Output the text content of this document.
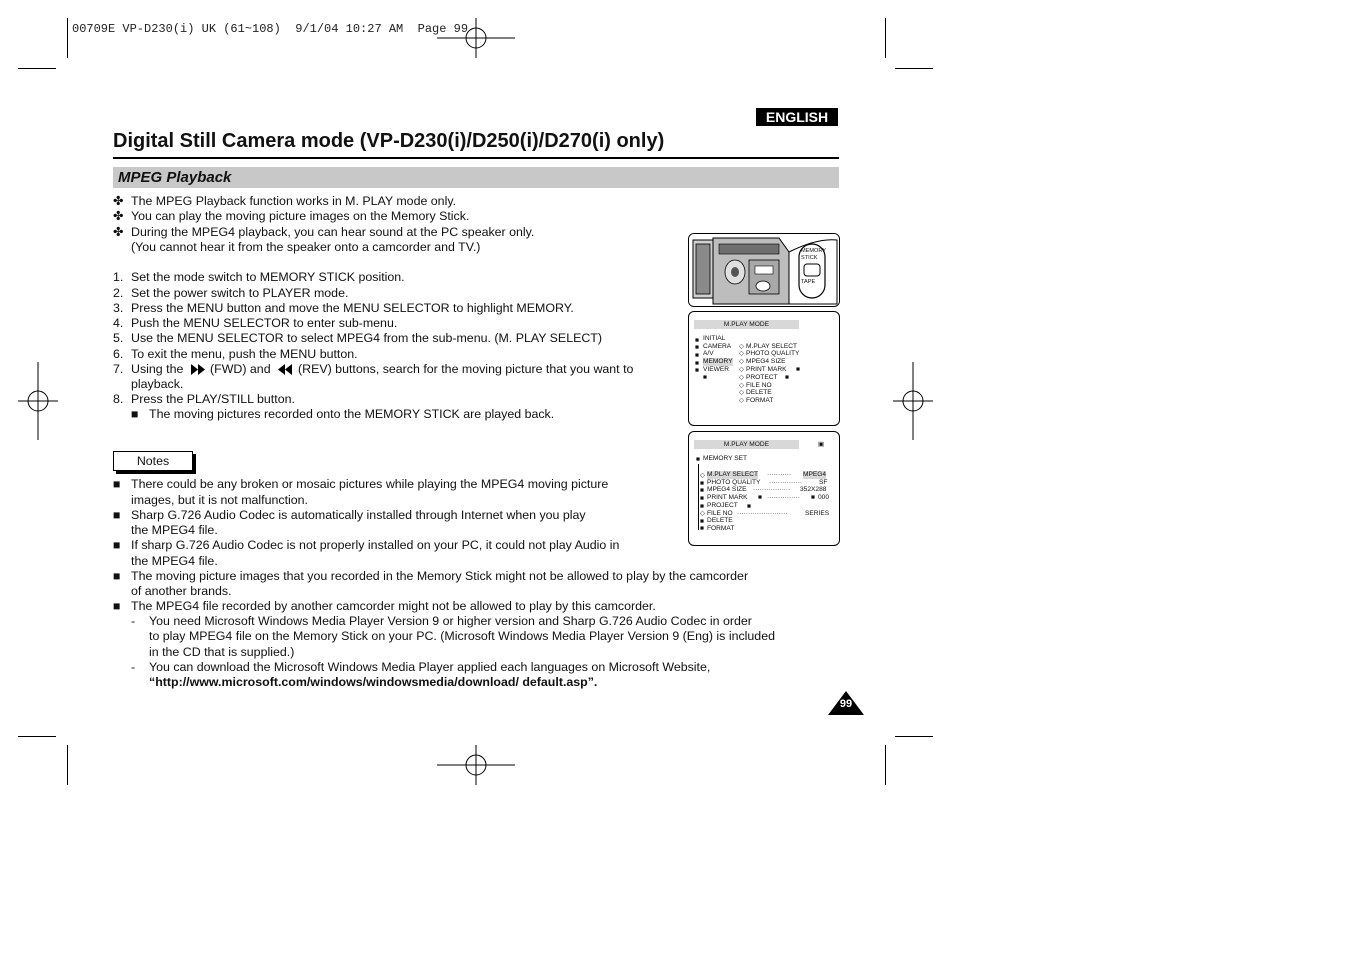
00709E VP-D230(i) UK (61~108)  9/1/04 10:27 AM  Page 99
ENGLISH
Digital Still Camera mode (VP-D230(i)/D250(i)/D270(i) only)
MPEG Playback
✤ The MPEG Playback function works in M. PLAY mode only.
✤ You can play the moving picture images on the Memory Stick.
✤ During the MPEG4 playback, you can hear sound at the PC speaker only.
(You cannot hear it from the speaker onto a camcorder and TV.)
1. Set the mode switch to MEMORY STICK position.
2. Set the power switch to PLAYER mode.
3. Press the MENU button and move the MENU SELECTOR to highlight MEMORY.
4. Push the MENU SELECTOR to enter sub-menu.
5. Use the MENU SELECTOR to select MPEG4 from the sub-menu. (M. PLAY SELECT)
6. To exit the menu, push the MENU button.
7. Using the (FWD) and (REV) buttons, search for the moving picture that you want to
playback.
8. Press the PLAY/STILL button.
■ The moving pictures recorded onto the MEMORY STICK are played back.
Notes
■ There could be any broken or mosaic pictures while playing the MPEG4 moving picture
images, but it is not malfunction.
■ Sharp G.726 Audio Codec is automatically installed through Internet when you play
the MPEG4 file.
■ If sharp G.726 Audio Codec is not properly installed on your PC, it could not play Audio in
the MPEG4 file.
■ The moving picture images that you recorded in the Memory Stick might not be allowed to play by the camcorder
of another brands.
■ The MPEG4 file recorded by another camcorder might not be allowed to play by this camcorder.
- You need Microsoft Windows Media Player Version 9 or higher version and Sharp G.726 Audio Codec in order
to play MPEG4 file on the Memory Stick on your PC. (Microsoft Windows Media Player Version 9 (Eng) is included
in the CD that is supplied.)
- You can download the Microsoft Windows Media Player applied each languages on Microsoft Website,
“http://www.microsoft.com/windows/windowsmedia/download/ default.asp”.
99
MEMORY
STICK
TAPE
M.PLAY MODE
■ INITIAL
■ CAMERA
■ A/V
■ MEMORY
■ VIEWER
■
◇ M.PLAY SELECT
◇ PHOTO QUALITY
◇ MPEG4 SIZE
◇ PRINT MARK ■
◇ PROTECT ■
◇ FILE NO
◇ DELETE
◇ FORMAT
M.PLAY MODE	▣
■ MEMORY SET
◇ M.PLAY SELECT ··········· MPEG4
■ PHOTO QUALITY ···············	SF
■ MPEG4 SIZE ················· 352X288
■ PRINT MARK ■ ··············· ■ 000
■ PROJECT ■
◇ FILE NO ·······················	SERIES
■ DELETE
■ FORMAT
